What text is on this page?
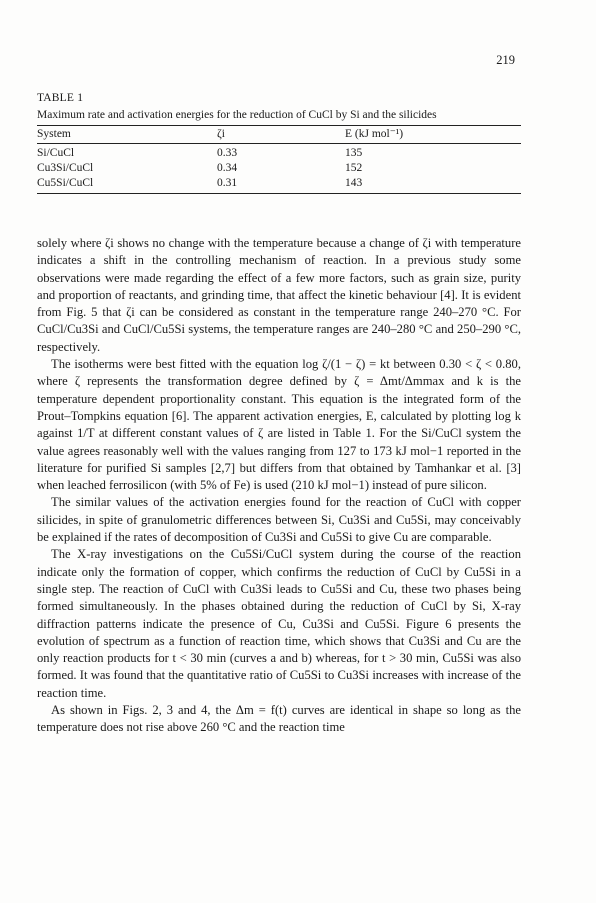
219
TABLE 1
Maximum rate and activation energies for the reduction of CuCl by Si and the silicides
System	ζi	E (kJ mol⁻¹)
Si/CuCl	0.33	135
Cu3Si/CuCl	0.34	152
Cu5Si/CuCl	0.31	143

solely where ζi shows no change with the temperature because a change of ζi with temperature indicates a shift in the controlling mechanism of reaction. In a previous study some observations were made regarding the effect of a few more factors, such as grain size, purity and proportion of reactants, and grinding time, that affect the kinetic behaviour [4]. It is evident from Fig. 5 that ζi can be considered as constant in the temperature range 240–270 °C. For CuCl/Cu3Si and CuCl/Cu5Si systems, the temperature ranges are 240–280 °C and 250–290 °C, respectively.

The isotherms were best fitted with the equation log ζ/(1 − ζ) = kt between 0.30 < ζ < 0.80, where ζ represents the transformation degree defined by ζ = Δmt/Δmmax and k is the temperature dependent proportionality constant. This equation is the integrated form of the Prout–Tompkins equation [6]. The apparent activation energies, E, calculated by plotting log k against 1/T at different constant values of ζ are listed in Table 1. For the Si/CuCl system the value agrees reasonably well with the values ranging from 127 to 173 kJ mol−1 reported in the literature for purified Si samples [2,7] but differs from that obtained by Tamhankar et al. [3] when leached ferrosilicon (with 5% of Fe) is used (210 kJ mol−1) instead of pure silicon.

The similar values of the activation energies found for the reaction of CuCl with copper silicides, in spite of granulometric differences between Si, Cu3Si and Cu5Si, may conceivably be explained if the rates of decomposition of Cu3Si and Cu5Si to give Cu are comparable.

The X-ray investigations on the Cu5Si/CuCl system during the course of the reaction indicate only the formation of copper, which confirms the reduction of CuCl by Cu5Si in a single step. The reaction of CuCl with Cu3Si leads to Cu5Si and Cu, these two phases being formed simultaneously. In the phases obtained during the reduction of CuCl by Si, X-ray diffraction patterns indicate the presence of Cu, Cu3Si and Cu5Si. Figure 6 presents the evolution of spectrum as a function of reaction time, which shows that Cu3Si and Cu are the only reaction products for t < 30 min (curves a and b) whereas, for t > 30 min, Cu5Si was also formed. It was found that the quantitative ratio of Cu5Si to Cu3Si increases with increase of the reaction time.

As shown in Figs. 2, 3 and 4, the Δm = f(t) curves are identical in shape so long as the temperature does not rise above 260 °C and the reaction time
